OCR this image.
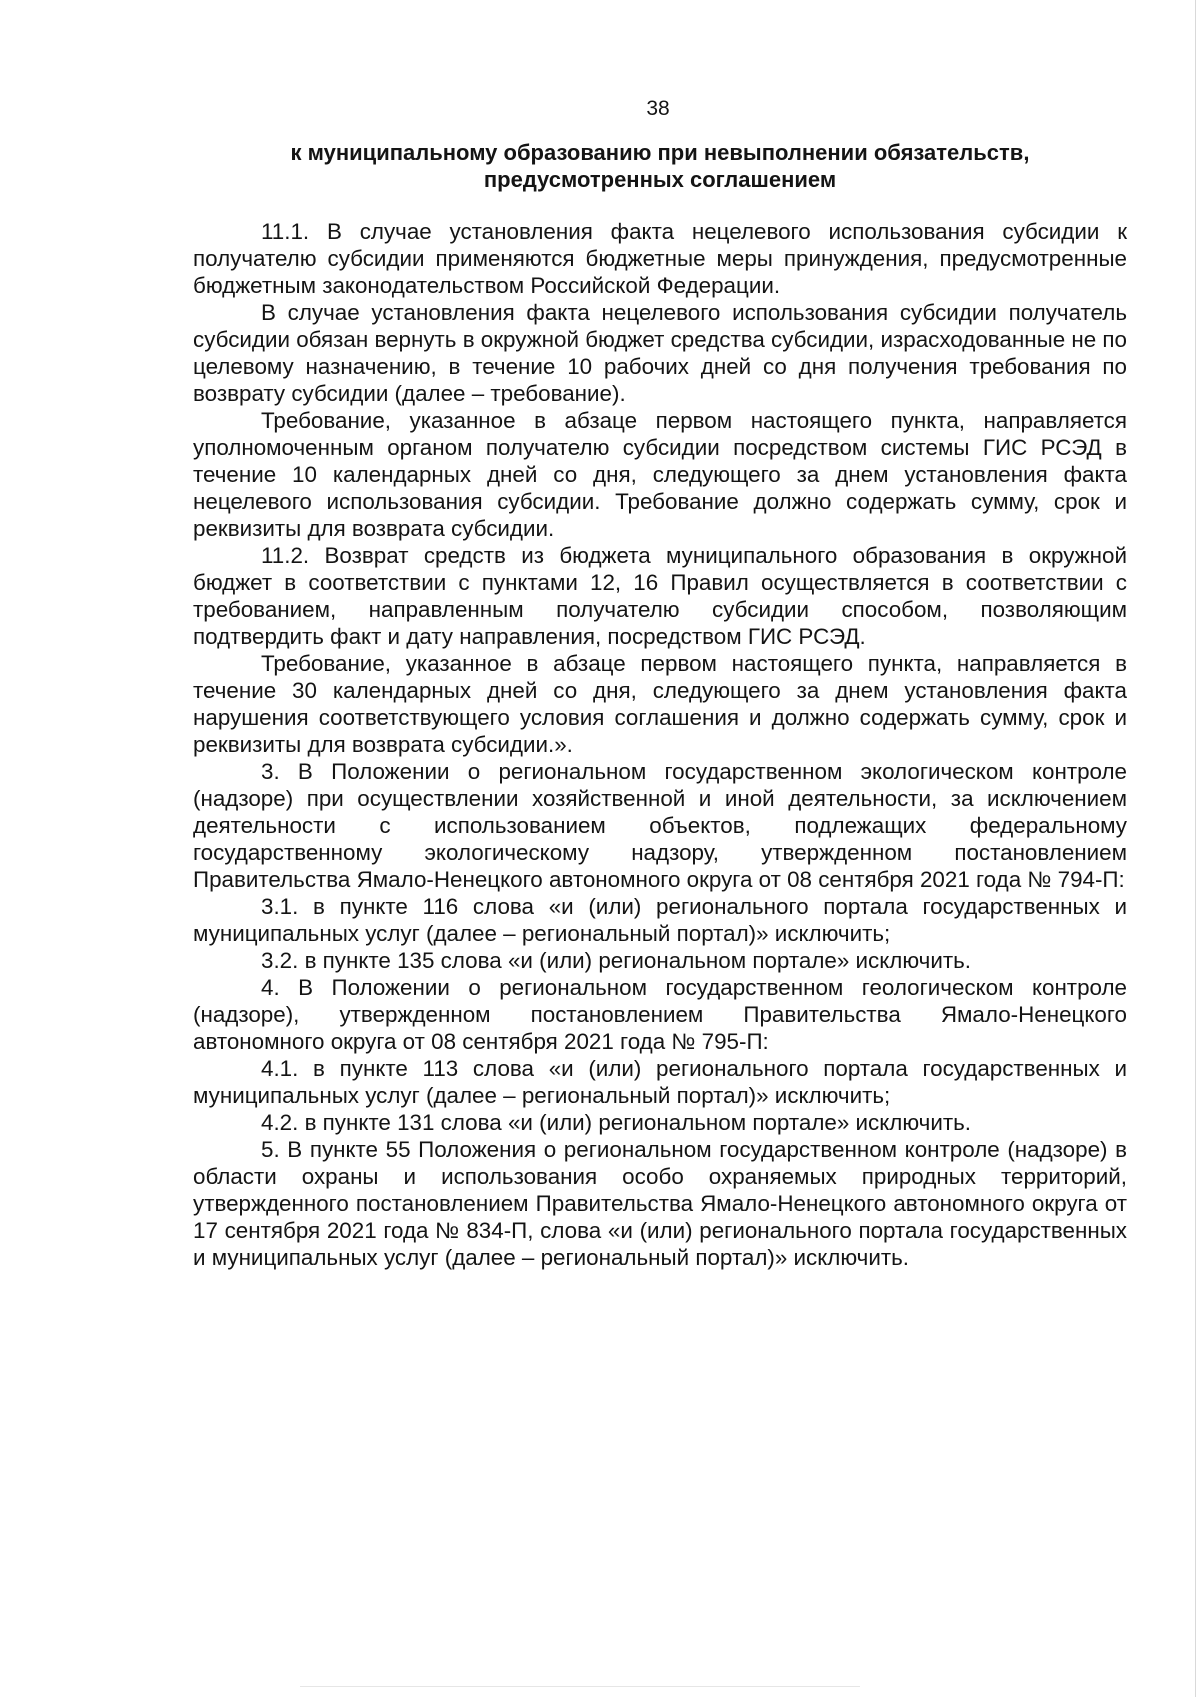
38
к муниципальному образованию при невыполнении обязательств,
предусмотренных соглашением

11.1. В случае установления факта нецелевого использования субсидии к получателю субсидии применяются бюджетные меры принуждения, предусмотренные бюджетным законодательством Российской Федерации.

В случае установления факта нецелевого использования субсидии получатель субсидии обязан вернуть в окружной бюджет средства субсидии, израсходованные не по целевому назначению, в течение 10 рабочих дней со дня получения требования по возврату субсидии (далее – требование).

Требование, указанное в абзаце первом настоящего пункта, направляется уполномоченным органом получателю субсидии посредством системы ГИС РСЭД в течение 10 календарных дней со дня, следующего за днем установления факта нецелевого использования субсидии. Требование должно содержать сумму, срок и реквизиты для возврата субсидии.

11.2. Возврат средств из бюджета муниципального образования в окружной бюджет в соответствии с пунктами 12, 16 Правил осуществляется в соответствии с требованием, направленным получателю субсидии способом, позволяющим подтвердить факт и дату направления, посредством ГИС РСЭД.

Требование, указанное в абзаце первом настоящего пункта, направляется в течение 30 календарных дней со дня, следующего за днем установления факта нарушения соответствующего условия соглашения и должно содержать сумму, срок и реквизиты для возврата субсидии.».

3. В Положении о региональном государственном экологическом контроле (надзоре) при осуществлении хозяйственной и иной деятельности, за исключением деятельности с использованием объектов, подлежащих федеральному государственному экологическому надзору, утвержденном постановлением Правительства Ямало-Ненецкого автономного округа от 08 сентября 2021 года № 794-П:

3.1. в пункте 116 слова «и (или) регионального портала государственных и муниципальных услуг (далее – региональный портал)» исключить;

3.2. в пункте 135 слова «и (или) региональном портале» исключить.

4. В Положении о региональном государственном геологическом контроле (надзоре), утвержденном постановлением Правительства Ямало-Ненецкого автономного округа от 08 сентября 2021 года № 795-П:

4.1. в пункте 113 слова «и (или) регионального портала государственных и муниципальных услуг (далее – региональный портал)» исключить;

4.2. в пункте 131 слова «и (или) региональном портале» исключить.

5. В пункте 55 Положения о региональном государственном контроле (надзоре) в области охраны и использования особо охраняемых природных территорий, утвержденного постановлением Правительства Ямало-Ненецкого автономного округа от 17 сентября 2021 года № 834-П, слова «и (или) регионального портала государственных и муниципальных услуг (далее – региональный портал)» исключить.
